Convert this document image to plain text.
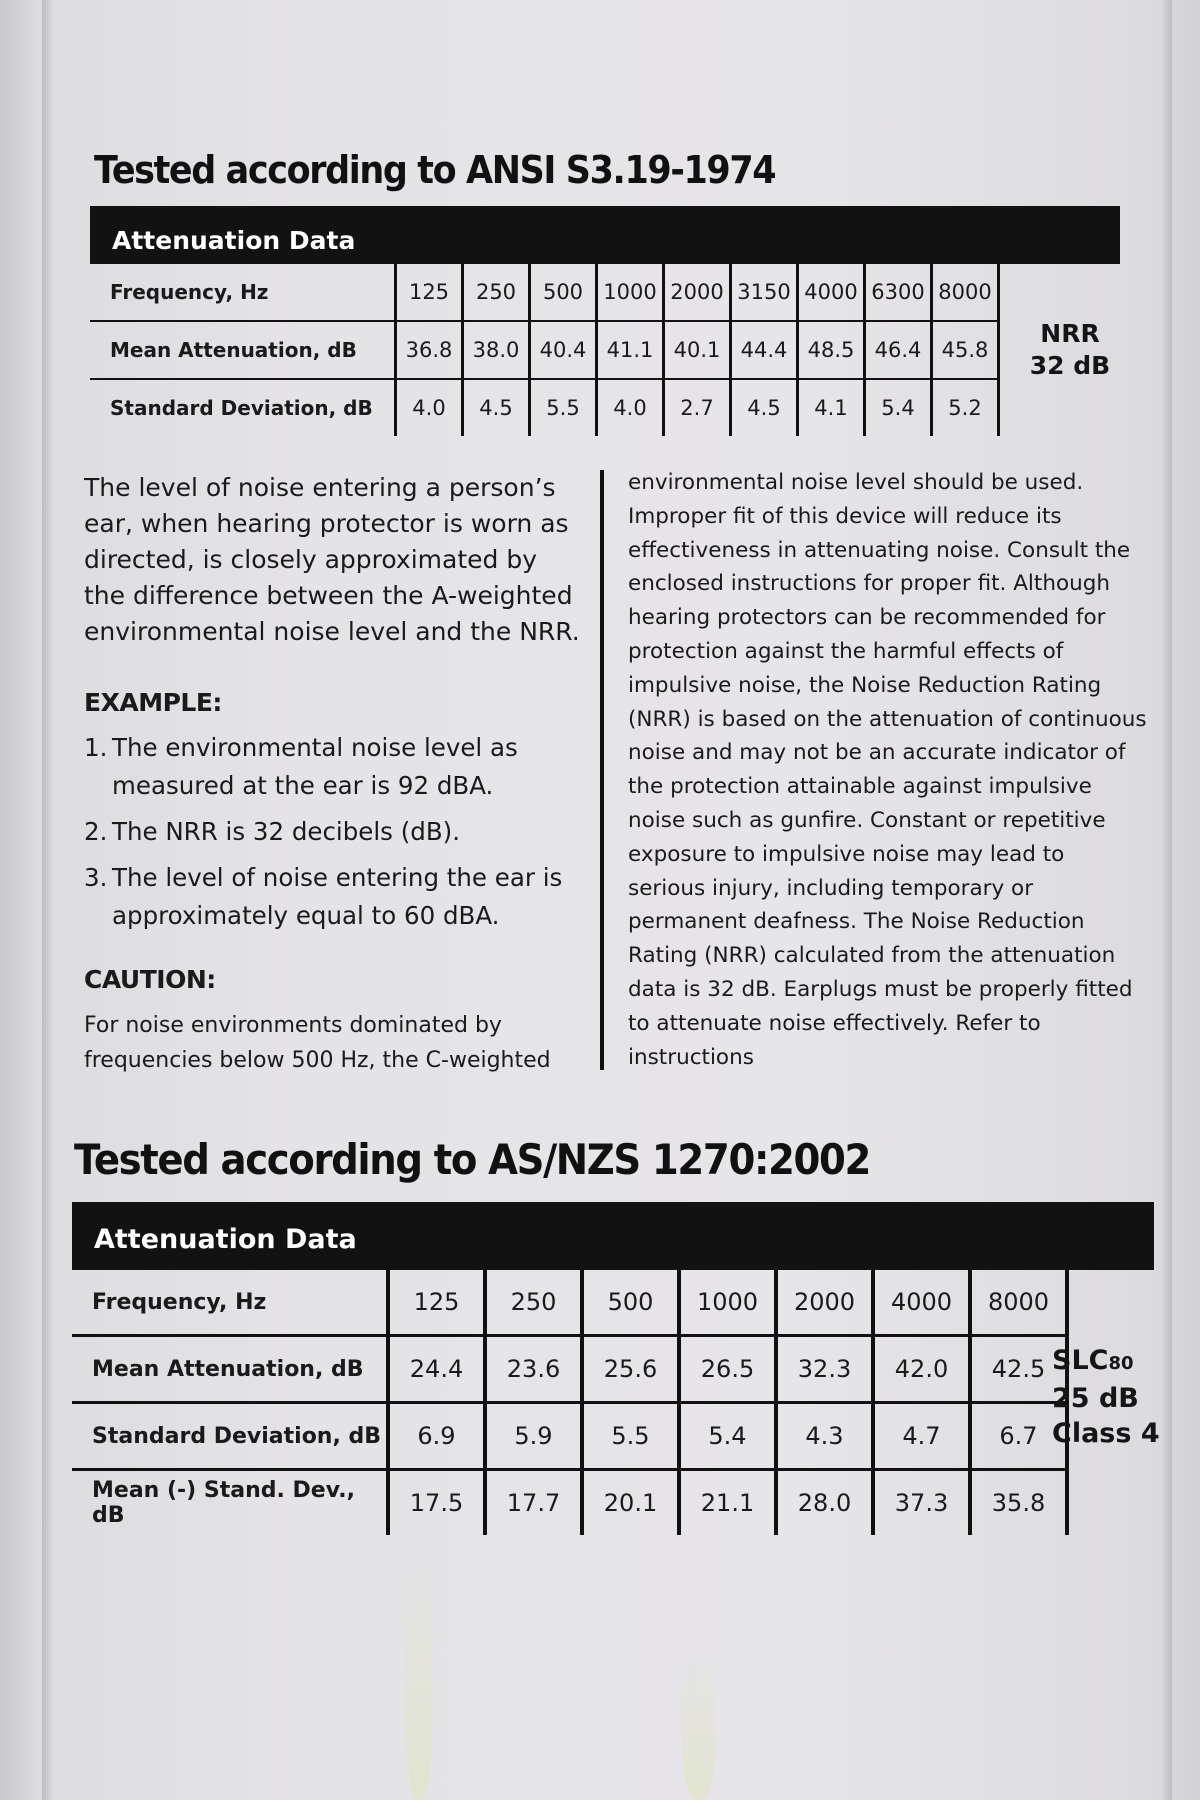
Tested according to ANSI S3.19-1974
Attenuation Data
Frequency, Hz	125	250	500	1000	2000	3150	4000	6300	8000
Mean Attenuation, dB	36.8	38.0	40.4	41.1	40.1	44.4	48.5	46.4	45.8
Standard Deviation, dB	4.0	4.5	5.5	4.0	2.7	4.5	4.1	5.4	5.2
NRR
32 dB

The level of noise entering a person’s ear, when hearing protector is worn as directed, is closely approximated by the difference between the A-weighted environmental noise level and the NRR.

EXAMPLE:
1. The environmental noise level as measured at the ear is 92 dBA.
2. The NRR is 32 decibels (dB).
3. The level of noise entering the ear is approximately equal to 60 dBA.
CAUTION:

For noise environments dominated by frequencies below 500 Hz, the C-weighted

environmental noise level should be used. Improper fit of this device will reduce its effectiveness in attenuating noise. Consult the enclosed instructions for proper fit. Although hearing protectors can be recommended for protection against the harmful effects of impulsive noise, the Noise Reduction Rating (NRR) is based on the attenuation of continuous noise and may not be an accurate indicator of the protection attainable against impulsive noise such as gunfire. Constant or repetitive exposure to impulsive noise may lead to serious injury, including temporary or permanent deafness. The Noise Reduction Rating (NRR) calculated from the attenuation data is 32 dB. Earplugs must be properly fitted to attenuate noise effectively. Refer to instructions

Tested according to AS/NZS 1270:2002
Attenuation Data
Frequency, Hz	125	250	500	1000	2000	4000	8000
Mean Attenuation, dB	24.4	23.6	25.6	26.5	32.3	42.0	42.5
Standard Deviation, dB	6.9	5.9	5.5	5.4	4.3	4.7	6.7
Mean (-) Stand. Dev., dB	17.5	17.7	20.1	21.1	28.0	37.3	35.8
SLC80
25 dB
Class 4
